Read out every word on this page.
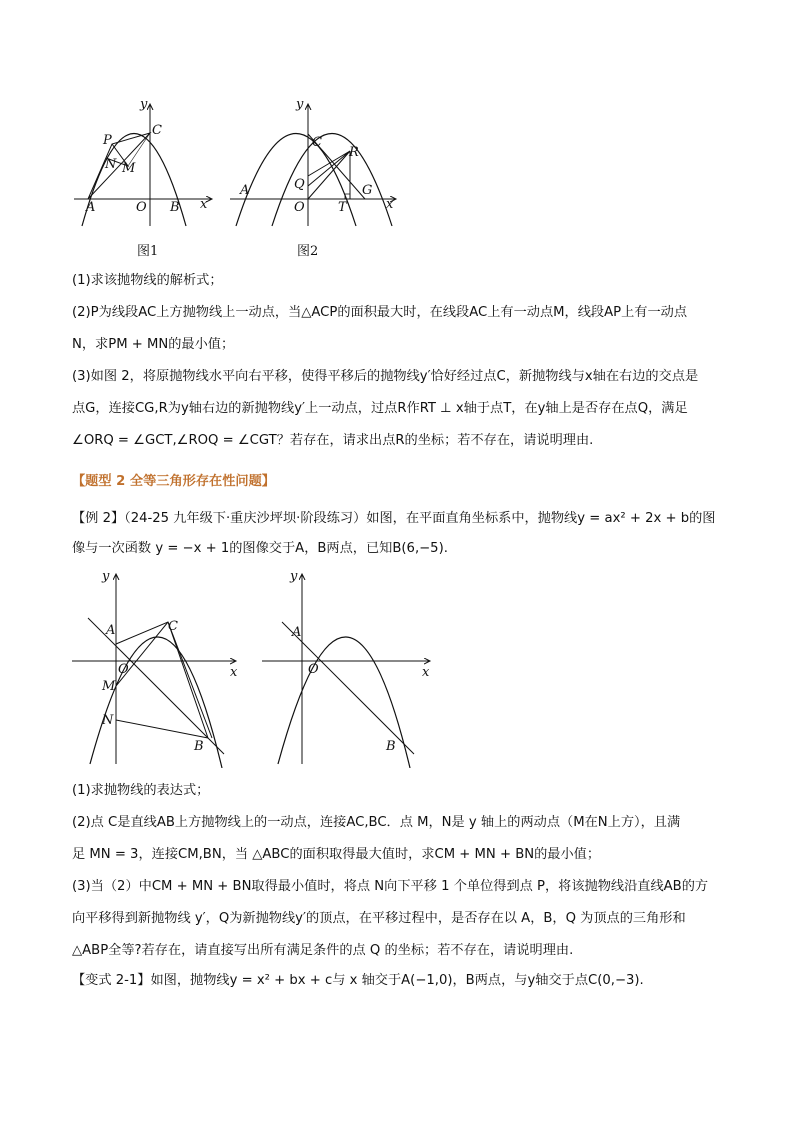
y
x
P
C
N M
A	O B
图1
y
x
C
R
Q	G
A
O	T
图2
(1)求该抛物线的解析式；
(2)P为线段AC上方抛物线上一动点，当△ACP的面积最大时，在线段AC上有一动点M，线段AP上有一动点
N，求PM + MN的最小值；
(3)如图 2，将原抛物线水平向右平移，使得平移后的抛物线y′恰好经过点C，新抛物线与x轴在右边的交点是
点G，连接CG,R为y轴右边的新抛物线y′上一动点，过点R作RT ⊥ x轴于点T，在y轴上是否存在点Q，满足
∠ORQ = ∠GCT,∠ROQ = ∠CGT？若存在，请求出点R的坐标；若不存在，请说明理由.
【题型 2 全等三角形存在性问题】
【例 2】（24-25 九年级下·重庆沙坪坝·阶段练习）如图，在平面直角坐标系中，抛物线y = ax² + 2x + b的图
像与一次函数 y = −x + 1的图像交于A，B两点，已知B(6,−5).
y
x
A	C
O
M
N
B
y
x
A
O
B
(1)求抛物线的表达式；
(2)点 C是直线AB上方抛物线上的一动点，连接AC,BC．点 M，N是 y 轴上的两动点（M在N上方），且满
足 MN = 3，连接CM,BN，当 △ABC的面积取得最大值时，求CM + MN + BN的最小值；
(3)当（2）中CM + MN + BN取得最小值时，将点 N向下平移 1 个单位得到点 P，将该抛物线沿直线AB的方
向平移得到新抛物线 y′，Q为新抛物线y′的顶点，在平移过程中，是否存在以 A，B，Q 为顶点的三角形和
△ABP全等?若存在，请直接写出所有满足条件的点 Q 的坐标；若不存在，请说明理由.
【变式 2-1】如图，抛物线y = x² + bx + c与 x 轴交于A(−1,0)，B两点，与y轴交于点C(0,−3).
